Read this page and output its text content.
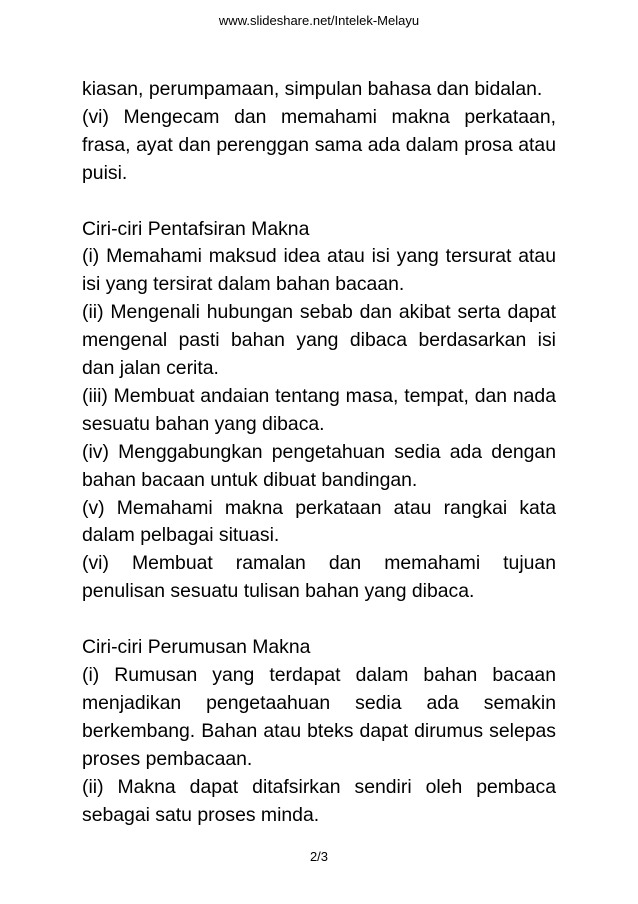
www.slideshare.net/Intelek-Melayu

kiasan, perumpamaan, simpulan bahasa dan bidalan.

(vi) Mengecam dan memahami makna perkataan, frasa, ayat dan perenggan sama ada dalam prosa atau puisi.

Ciri-ciri Pentafsiran Makna

(i) Memahami maksud idea atau isi yang tersurat atau isi yang tersirat dalam bahan bacaan.

(ii) Mengenali hubungan sebab dan akibat serta dapat mengenal pasti bahan yang dibaca berdasarkan isi dan jalan cerita.

(iii) Membuat andaian tentang masa, tempat, dan nada sesuatu bahan yang dibaca.

(iv) Menggabungkan pengetahuan sedia ada dengan bahan bacaan untuk dibuat bandingan.

(v) Memahami makna perkataan atau rangkai kata dalam pelbagai situasi.

(vi) Membuat ramalan dan memahami tujuan penulisan sesuatu tulisan bahan yang dibaca.

Ciri-ciri Perumusan Makna

(i) Rumusan yang terdapat dalam bahan bacaan menjadikan pengetaahuan sedia ada semakin berkembang. Bahan atau bteks dapat dirumus selepas proses pembacaan.

(ii) Makna dapat ditafsirkan sendiri oleh pembaca sebagai satu proses minda.

2/3
